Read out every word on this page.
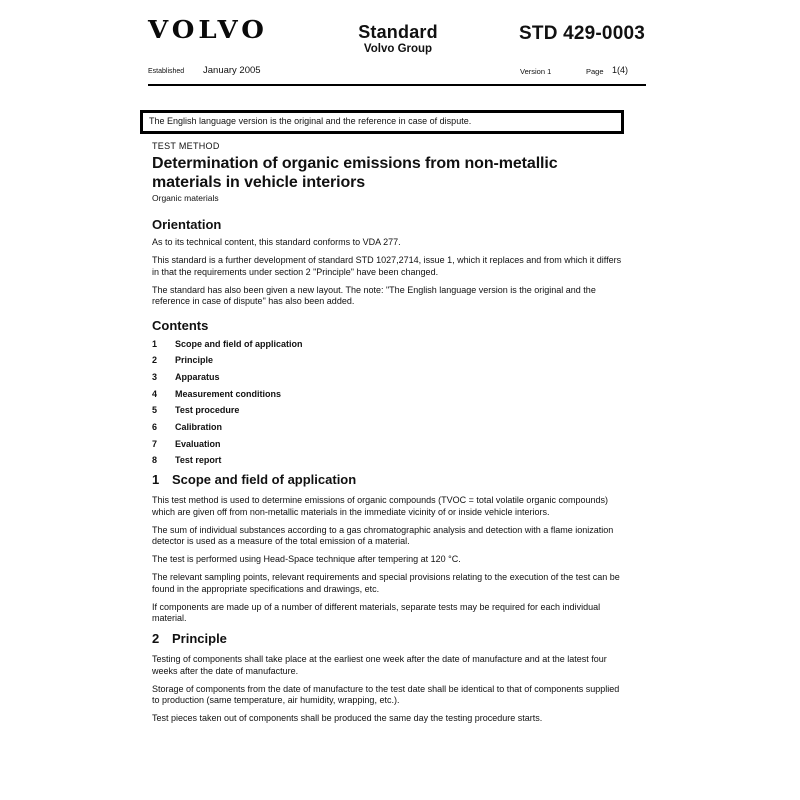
VOLVO	Standard
Volvo Group
STD 429-0003
Established January 2005	Version 1	Page 1(4)
The English language version is the original and the reference in case of dispute.

TEST METHOD

Determination of organic emissions from non-metallic materials in vehicle interiors

Organic materials

Orientation

As to its technical content, this standard conforms to VDA 277.

This standard is a further development of standard STD 1027,2714, issue 1, which it replaces and from which it differs in that the requirements under section 2 "Principle" have been changed.

The standard has also been given a new layout. The note: "The English language version is the original and the reference in case of dispute" has also been added.

Contents
1	Scope and field of application
2	Principle
3	Apparatus
4	Measurement conditions
5	Test procedure
6	Calibration
7	Evaluation
8	Test report
1 Scope and field of application

This test method is used to determine emissions of organic compounds (TVOC = total volatile organic compounds) which are given off from non-metallic materials in the immediate vicinity of or inside vehicle interiors.

The sum of individual substances according to a gas chromatographic analysis and detection with a flame ionization detector is used as a measure of the total emission of a material.

The test is performed using Head-Space technique after tempering at 120 °C.

The relevant sampling points, relevant requirements and special provisions relating to the execution of the test can be found in the appropriate specifications and drawings, etc.

If components are made up of a number of different materials, separate tests may be required for each individual material.

2 Principle

Testing of components shall take place at the earliest one week after the date of manufacture and at the latest four weeks after the date of manufacture.

Storage of components from the date of manufacture to the test date shall be identical to that of components supplied to production (same temperature, air humidity, wrapping, etc.).

Test pieces taken out of components shall be produced the same day the testing procedure starts.
